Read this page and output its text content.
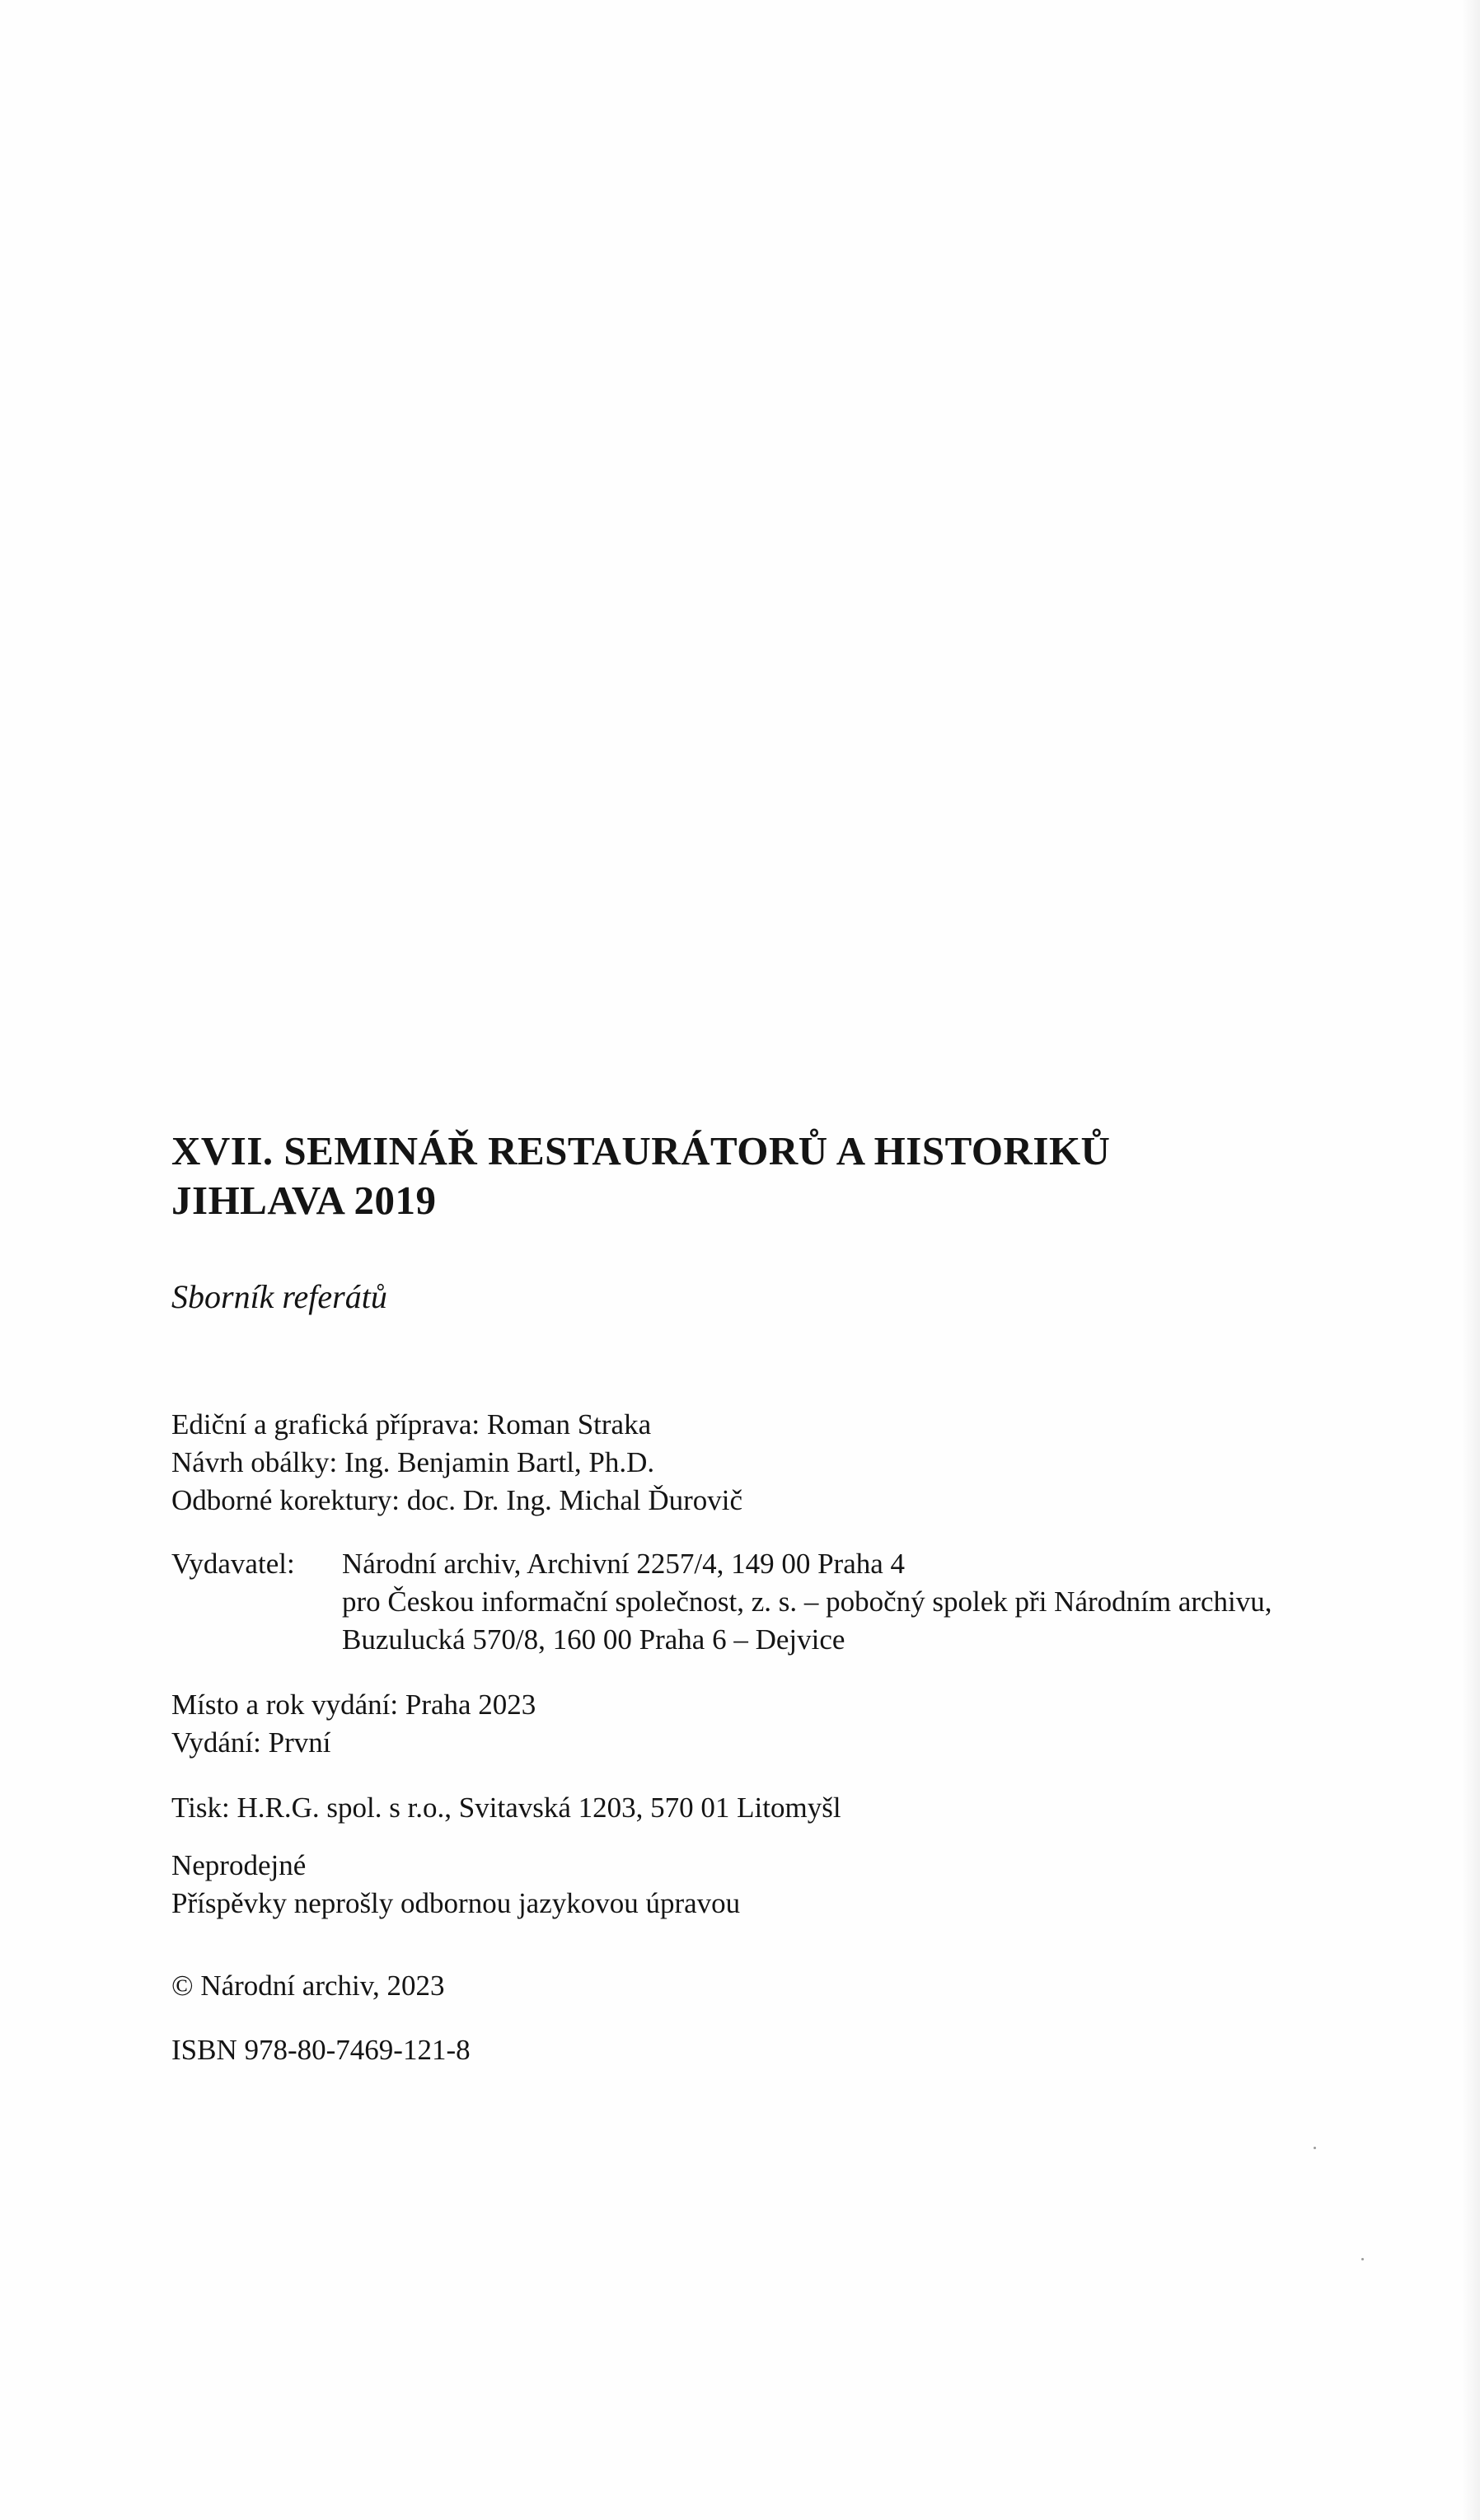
XVII. SEMINÁŘ RESTAURÁTORŮ A HISTORIKŮ

JIHLAVA 2019

Sborník referátů

Ediční a grafická příprava: Roman Straka

Návrh obálky: Ing. Benjamin Bartl, Ph.D.

Odborné korektury: doc. Dr. Ing. Michal Ďurovič

Vydavatel: Národní archiv, Archivní 2257/4, 149 00 Praha 4

pro Českou informační společnost, z. s. – pobočný spolek při Národním archivu,

Buzulucká 570/8, 160 00 Praha 6 – Dejvice

Místo a rok vydání: Praha 2023

Vydání: První

Tisk: H.R.G. spol. s r.o., Svitavská 1203, 570 01 Litomyšl

Neprodejné

Příspěvky neprošly odbornou jazykovou úpravou

© Národní archiv, 2023

ISBN 978-80-7469-121-8
